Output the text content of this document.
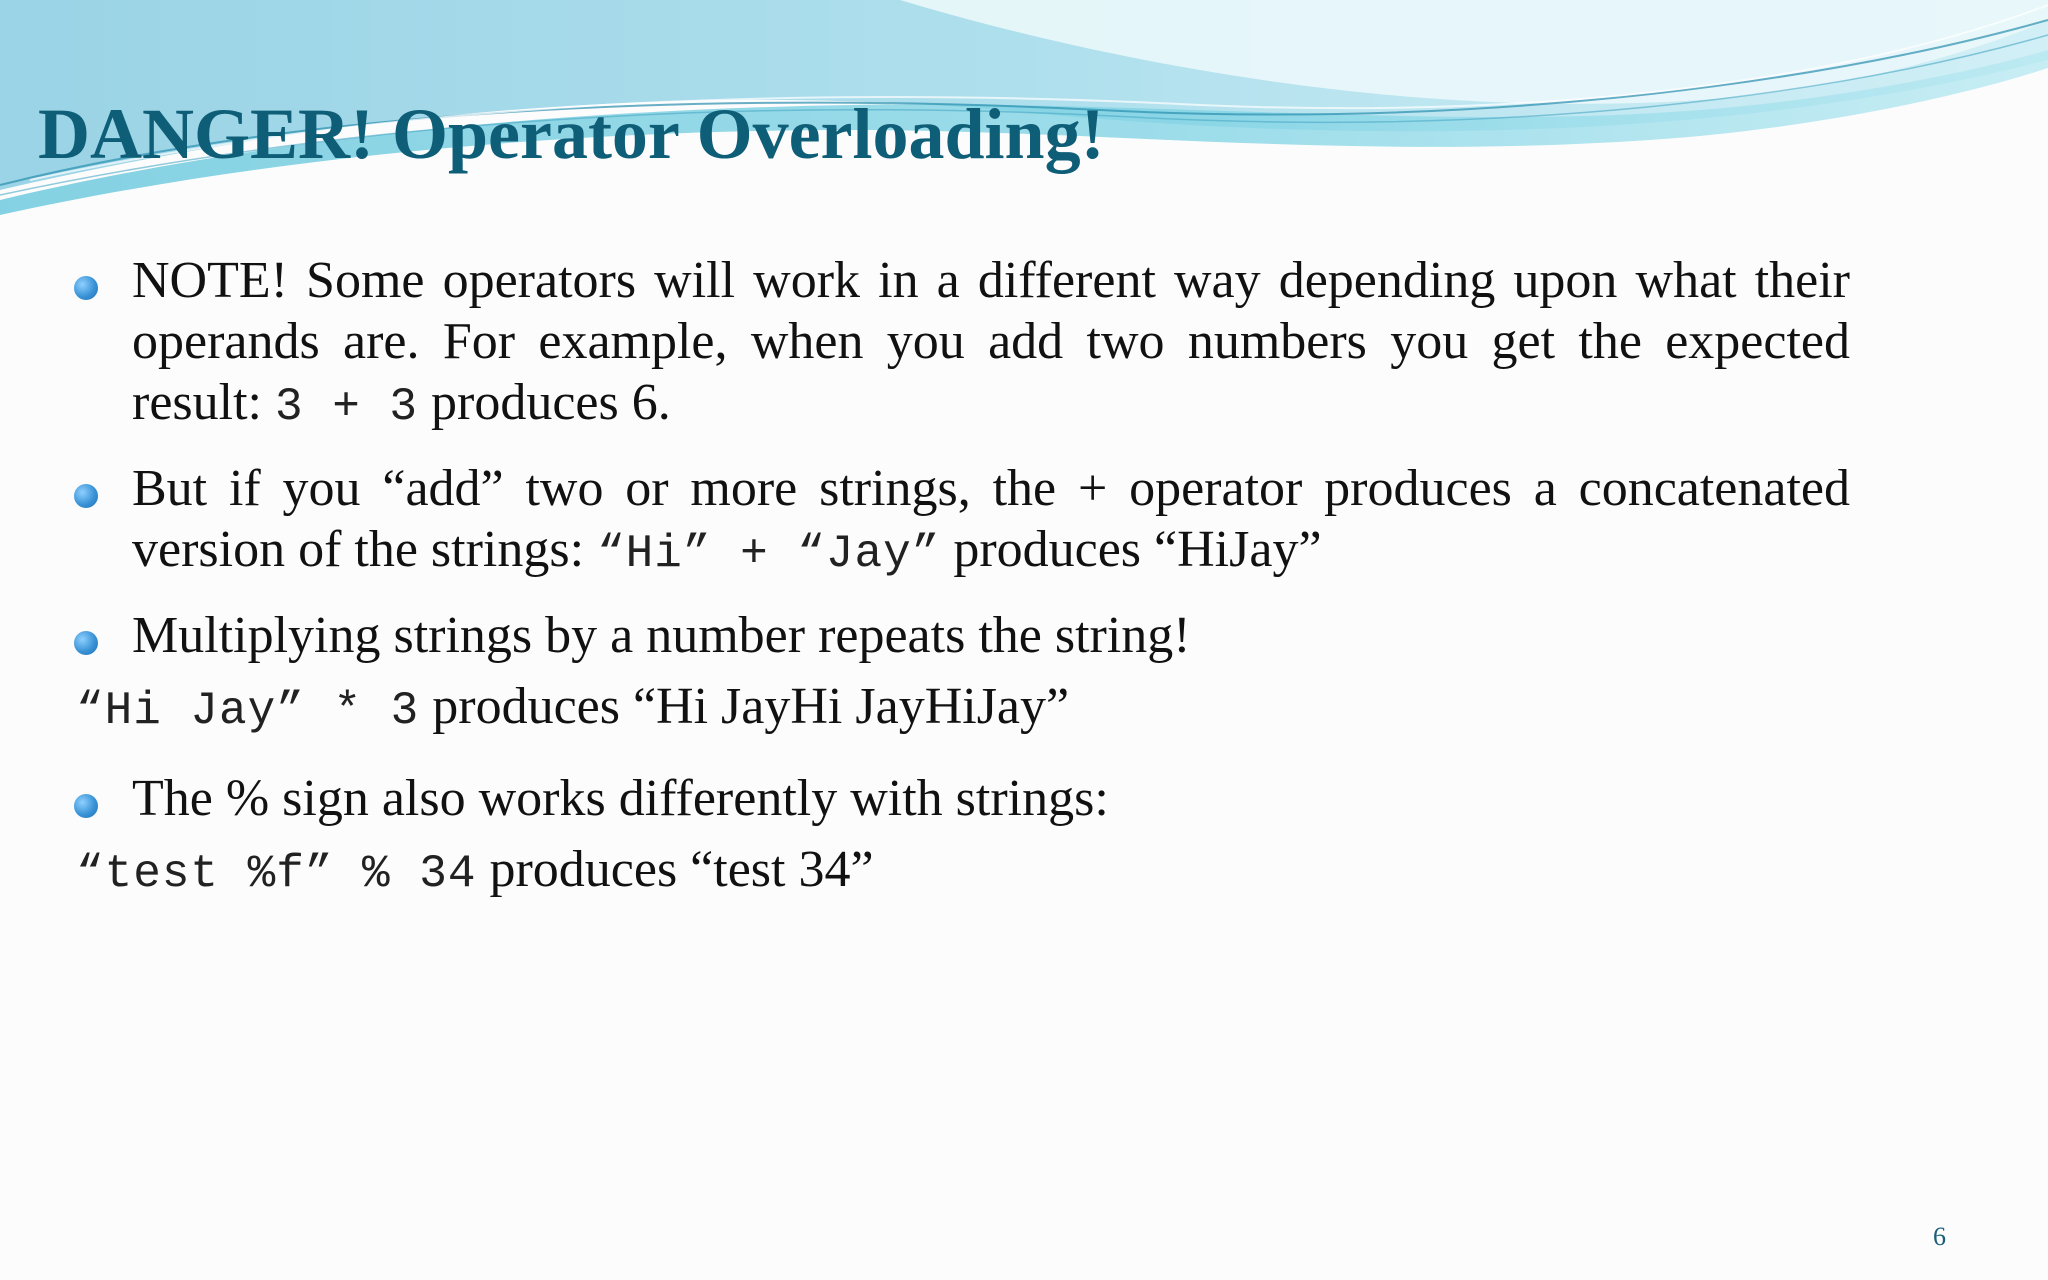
DANGER! Operator Overloading!
NOTE! Some operators will work in a different way depending upon what their operands are. For example, when you add two numbers you get the expected result: 3 + 3 produces 6.
But if you “add” two or more strings, the + operator produces a concatenated version of the strings: “Hi” + “Jay” produces “HiJay”
Multiplying strings by a number repeats the string!
“Hi Jay” * 3 produces “Hi JayHi JayHiJay”
The % sign also works differently with strings:
“test %f” % 34 produces “test 34”
6
